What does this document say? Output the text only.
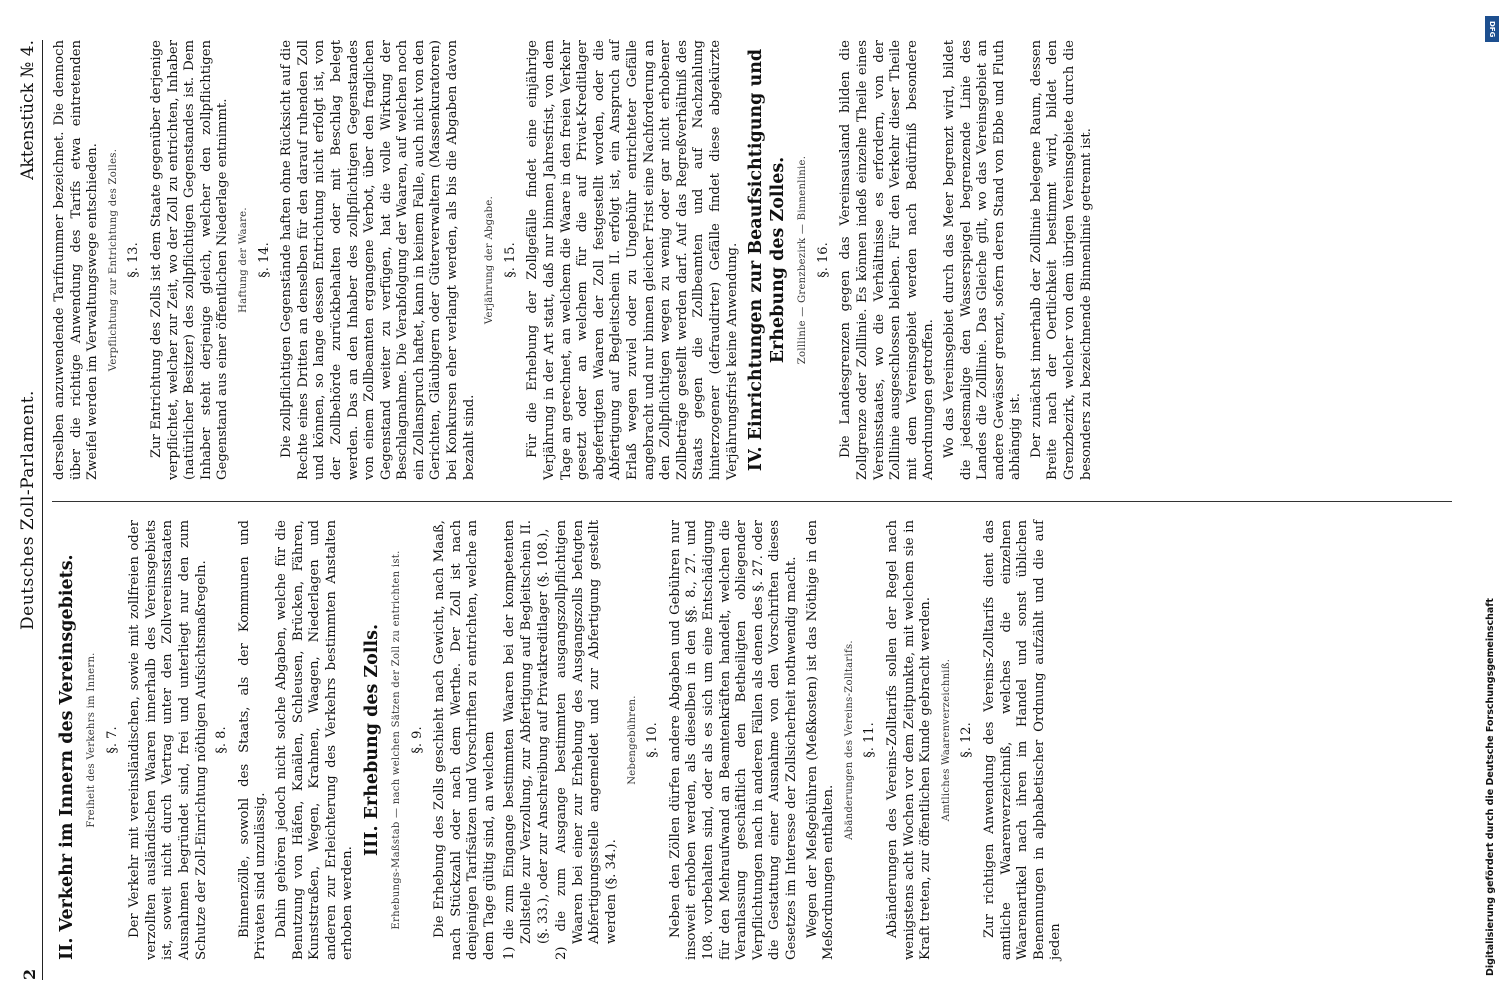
2
Deutsches Zoll-Parlament.
Aktenstück № 4.
II. Verkehr im Innern des Vereinsgebiets. Freiheit des Verkehrs im Innern. §. 7. Der Verkehr mit vereinsländischen, sowie mit zollfreien oder verzollten ausländischen Waaren innerhalb des Vereinsgebiets ist, soweit nicht durch Vertrag unter den Zollvereinsstaaten Ausnahmen begründet sind, frei und unterliegt nur den zum Schutze der Zoll-Einrichtung nöthigen Aufsichtsmaßregeln. §. 8. Binnenzölle, sowohl des Staats, als der Kommunen und Privaten sind unzulässig. Dahin gehören jedoch nicht solche Abgaben, welche für die Benutzung von Häfen, Kanälen, Schleusen, Brücken, Fähren, Kunststraßen, Wegen, Krahnen, Waagen, Niederlagen und anderen zur Erleichterung des Verkehrs bestimmten Anstalten erhoben werden.

III. Erhebung des Zolls. Erhebungs-Maßstab — nach welchen Sätzen der Zoll zu entrichten ist. §. 9. Die Erhebung des Zolls geschieht nach Gewicht, nach Maaß, nach Stückzahl oder nach dem Werthe. Der Zoll ist nach denjenigen Tarifsätzen und Vorschriften zu entrichten, welche an dem Tage gültig sind, an welchem 1) die zum Eingange bestimmten Waaren bei der kompetenten Zollstelle zur Verzollung, zur Abfertigung auf Begleitschein II. (§. 33.), oder zur Anschreibung auf Privatkreditlager (§. 108.), 2) die zum Ausgange bestimmten ausgangszollpflichtigen Waaren bei einer zur Erhebung des Ausgangszolls befugten Abfertigungsstelle angemeldet und zur Abfertigung gestellt werden (§. 34.).
Nebengebühren. §. 10. Neben den Zöllen dürfen andere Abgaben und Gebühren nur insoweit erhoben werden, als dieselben in den §§. 8., 27. und 108. vorbehalten sind, oder als es sich um eine Entschädigung für den Mehraufwand an Beamtenkräften handelt, welchen die Veranlassung geschäftlich den Betheiligten obliegender Verpflichtungen nach in anderen Fällen als denen des §. 27. oder die Gestattung einer Ausnahme von den Vorschriften dieses Gesetzes im Interesse der Zollsicherheit nothwendig macht. Wegen der Meßgebühren (Meßkosten) ist das Nöthige in den Meßordnungen enthalten.

Abänderungen des Vereins-Zolltarifs. §. 11. Abänderungen des Vereins-Zolltarifs sollen der Regel nach wenigstens acht Wochen vor dem Zeitpunkte, mit welchem sie in Kraft treten, zur öffentlichen Kunde gebracht werden. Amtliches Waarenverzeichniß. §. 12. Zur richtigen Anwendung des Vereins-Zolltarifs dient das amtliche Waarenverzeichniß, welches die einzelnen Waarenartikel nach ihren im Handel und sonst üblichen Benennungen in alphabetischer Ordnung aufzählt und die auf jeden

derselben anzuwendende Tarifnummer bezeichnet. Die dennoch über die richtige Anwendung des Tarifs etwa eintretenden Zweifel werden im Verwaltungswege entschieden. Verpflichtung zur Entrichtung des Zolles. §. 13. Zur Entrichtung des Zolls ist dem Staate gegenüber derjenige verpflichtet, welcher zur Zeit, wo der Zoll zu entrichten, Inhaber (natürlicher Besitzer) des zollpflichtigen Gegenstandes ist. Dem Inhaber steht derjenige gleich, welcher den zollpflichtigen Gegenstand aus einer öffentlichen Niederlage entnimmt. Haftung der Waare. §. 14. Die zollpflichtigen Gegenstände haften ohne Rücksicht auf die Rechte eines Dritten an denselben für den darauf ruhenden Zoll und können, so lange dessen Entrichtung nicht erfolgt ist, von der Zollbehörde zurückbehalten oder mit Beschlag belegt werden. Das an den Inhaber des zollpflichtigen Gegenstandes von einem Zollbeamten ergangene Verbot, über den fraglichen Gegenstand weiter zu verfügen, hat die volle Wirkung der Beschlagnahme. Die Verabfolgung der Waaren, auf welchen noch ein Zollanspruch haftet, kann in keinem Falle, auch nicht von den Gerichten, Gläubigern oder Güterverwaltern (Massenkuratoren) bei Konkursen eher verlangt werden, als bis die Abgaben davon bezahlt sind.

Verjährung der Abgabe. §. 15. Für die Erhebung der Zollgefälle findet eine einjährige Verjährung in der Art statt, daß nur binnen Jahresfrist, von dem Tage an gerechnet, an welchem die Waare in den freien Verkehr gesetzt oder an welchem für die auf Privat-Kreditlager abgefertigten Waaren der Zoll festgestellt worden, oder die Abfertigung auf Begleitschein II. erfolgt ist, ein Anspruch auf Erlaß wegen zuviel oder zu Ungebühr entrichteter Gefälle angebracht und nur binnen gleicher Frist eine Nachforderung an den Zollpflichtigen wegen zu wenig oder gar nicht erhobener Zollbeträge gestellt werden darf. Auf das Regreßverhältniß des Staats gegen die Zollbeamten und auf Nachzahlung hinterzogener (defraudirter) Gefälle findet diese abgekürzte Verjährungsfrist keine Anwendung. IV. Einrichtungen zur Beaufsichtigung und Erhebung des Zolles. Zolllinie — Grenzbezirk — Binnenlinie. §. 16. Die Landesgrenzen gegen das Vereinsausland bilden die Zollgrenze oder Zolllinie. Es können indeß einzelne Theile eines Vereinsstaates, wo die Verhältnisse es erfordern, von der Zolllinie ausgeschlossen bleiben. Für den Verkehr dieser Theile mit dem Vereinsgebiet werden nach Bedürfniß besondere Anordnungen getroffen. Wo das Vereinsgebiet durch das Meer begrenzt wird, bildet die jedesmalige den Wasserspiegel begrenzende Linie des Landes die Zolllinie. Das Gleiche gilt, wo das Vereinsgebiet an andere Gewässer grenzt, sofern deren Stand von Ebbe und Fluth abhängig ist. Der zunächst innerhalb der Zolllinie belegene Raum, dessen Breite nach der Oertlichkeit bestimmt wird, bildet den Grenzbezirk, welcher von dem übrigen Vereinsgebiete durch die besonders zu bezeichnende Binnenlinie getrennt ist.

DFG
Digitalisierung gefördert durch die Deutsche Forschungsgemeinschaft
